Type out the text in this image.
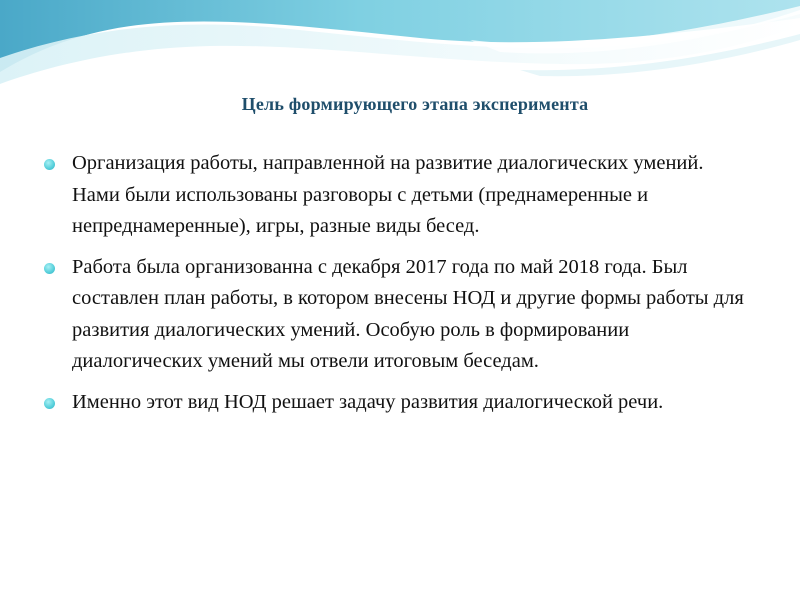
Цель формирующего этапа эксперимента
Организация работы, направленной на развитие диалогических умений. Нами были использованы разговоры с детьми (преднамеренные и непреднамеренные), игры, разные виды бесед.
Работа была организованна с декабря 2017 года по май 2018 года. Был составлен план работы, в котором внесены НОД и другие формы работы для развития диалогических умений. Особую роль в формировании диалогических умений мы отвели итоговым беседам.
Именно этот вид НОД решает задачу развития диалогической речи.
